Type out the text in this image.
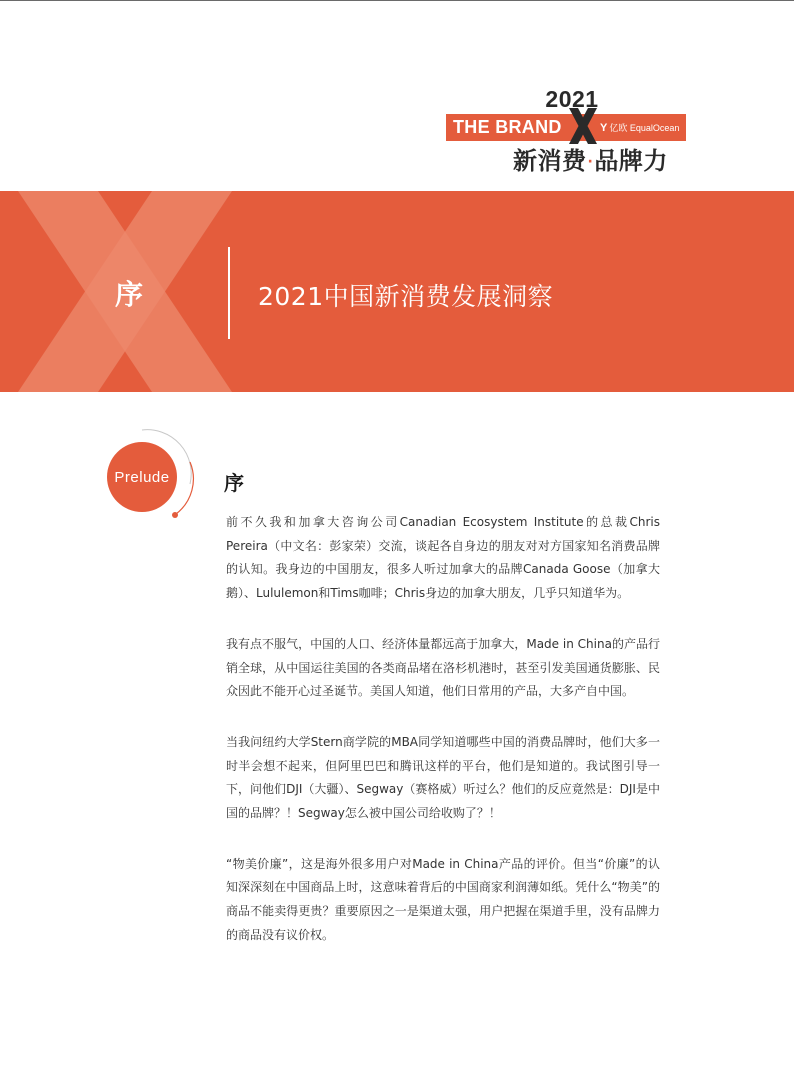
2021
THE BRAND	Y 亿欧 EqualOcean
新消费·品牌力
序	2021中国新消费发展洞察
Prelude	序

前不久我和加拿大咨询公司Canadian Ecosystem Institute的总裁Chris Pereira（中文名：彭家荣）交流，谈起各自身边的朋友对对方国家知名消费品牌的认知。我身边的中国朋友，很多人听过加拿大的品牌Canada Goose（加拿大鹅）、Lululemon和Tims咖啡；Chris身边的加拿大朋友，几乎只知道华为。

我有点不服气，中国的人口、经济体量都远高于加拿大，Made in China的产品行销全球，从中国运往美国的各类商品堵在洛杉机港时，甚至引发美国通货膨胀、民众因此不能开心过圣诞节。美国人知道，他们日常用的产品，大多产自中国。

当我问纽约大学Stern商学院的MBA同学知道哪些中国的消费品牌时，他们大多一时半会想不起来，但阿里巴巴和腾讯这样的平台，他们是知道的。我试图引导一下，问他们DJI（大疆）、Segway（赛格威）听过么？他们的反应竟然是：DJI是中国的品牌？！Segway怎么被中国公司给收购了？！

“物美价廉”，这是海外很多用户对Made in China产品的评价。但当“价廉”的认知深深刻在中国商品上时，这意味着背后的中国商家利润薄如纸。凭什么“物美”的商品不能卖得更贵？重要原因之一是渠道太强，用户把握在渠道手里，没有品牌力的商品没有议价权。
